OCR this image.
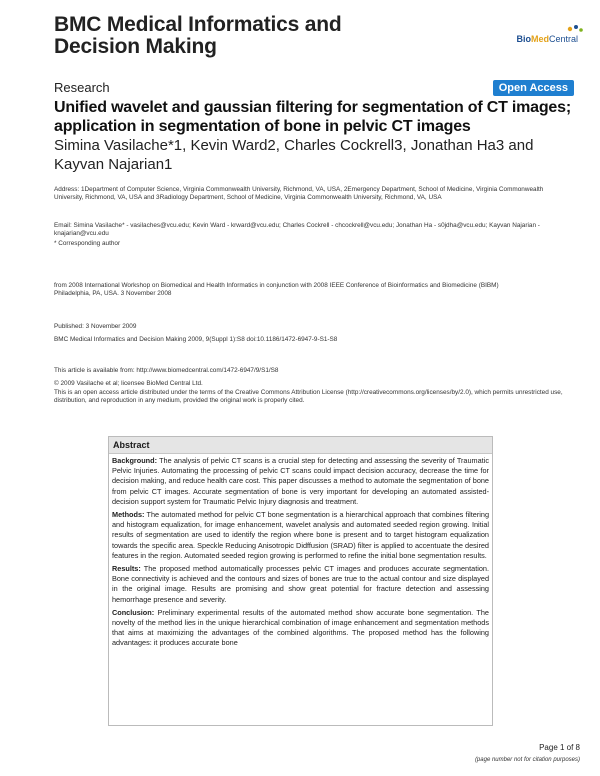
BMC Medical Informatics and
Decision Making	BioMedCentral
Research	Open Access
Unified wavelet and gaussian filtering for segmentation of CT images; application in segmentation of bone in pelvic CT images
Simina Vasilache*1, Kevin Ward2, Charles Cockrell3, Jonathan Ha3 and Kayvan Najarian1
Address: 1Department of Computer Science, Virginia Commonwealth University, Richmond, VA, USA, 2Emergency Department, School of Medicine, Virginia Commonwealth University, Richmond, VA, USA and 3Radiology Department, School of Medicine, Virginia Commonwealth University, Richmond, VA, USA
Email: Simina Vasilache* - vasilaches@vcu.edu; Kevin Ward - krward@vcu.edu; Charles Cockrell - chcockrell@vcu.edu; Jonathan Ha - s0jdha@vcu.edu; Kayvan Najarian - knajarian@vcu.edu
* Corresponding author
from 2008 International Workshop on Biomedical and Health Informatics in conjunction with 2008 IEEE Conference of Bioinformatics and Biomedicine (BIBM)
Philadelphia, PA, USA. 3 November 2008
Published: 3 November 2009
BMC Medical Informatics and Decision Making 2009, 9(Suppl 1):S8 doi:10.1186/1472-6947-9-S1-S8
This article is available from: http://www.biomedcentral.com/1472-6947/9/S1/S8
© 2009 Vasilache et al; licensee BioMed Central Ltd.
This is an open access article distributed under the terms of the Creative Commons Attribution License (http://creativecommons.org/licenses/by/2.0), which permits unrestricted use, distribution, and reproduction in any medium, provided the original work is properly cited.
Abstract

Background: The analysis of pelvic CT scans is a crucial step for detecting and assessing the severity of Traumatic Pelvic Injuries. Automating the processing of pelvic CT scans could impact decision accuracy, decrease the time for decision making, and reduce health care cost. This paper discusses a method to automate the segmentation of bone from pelvic CT images. Accurate segmentation of bone is very important for developing an automated assisted-decision support system for Traumatic Pelvic Injury diagnosis and treatment.

Methods: The automated method for pelvic CT bone segmentation is a hierarchical approach that combines filtering and histogram equalization, for image enhancement, wavelet analysis and automated seeded region growing. Initial results of segmentation are used to identify the region where bone is present and to target histogram equalization towards the specific area. Speckle Reducing Anisotropic Didffusion (SRAD) filter is applied to accentuate the desired features in the region. Automated seeded region growing is performed to refine the initial bone segmentation results.

Results: The proposed method automatically processes pelvic CT images and produces accurate segmentation. Bone connectivity is achieved and the contours and sizes of bones are true to the actual contour and size displayed in the original image. Results are promising and show great potential for fracture detection and assessing hemorrhage presence and severity.

Conclusion: Preliminary experimental results of the automated method show accurate bone segmentation. The novelty of the method lies in the unique hierarchical combination of image enhancement and segmentation methods that aims at maximizing the advantages of the combined algorithms. The proposed method has the following advantages: it produces accurate bone

Page 1 of 8
(page number not for citation purposes)
